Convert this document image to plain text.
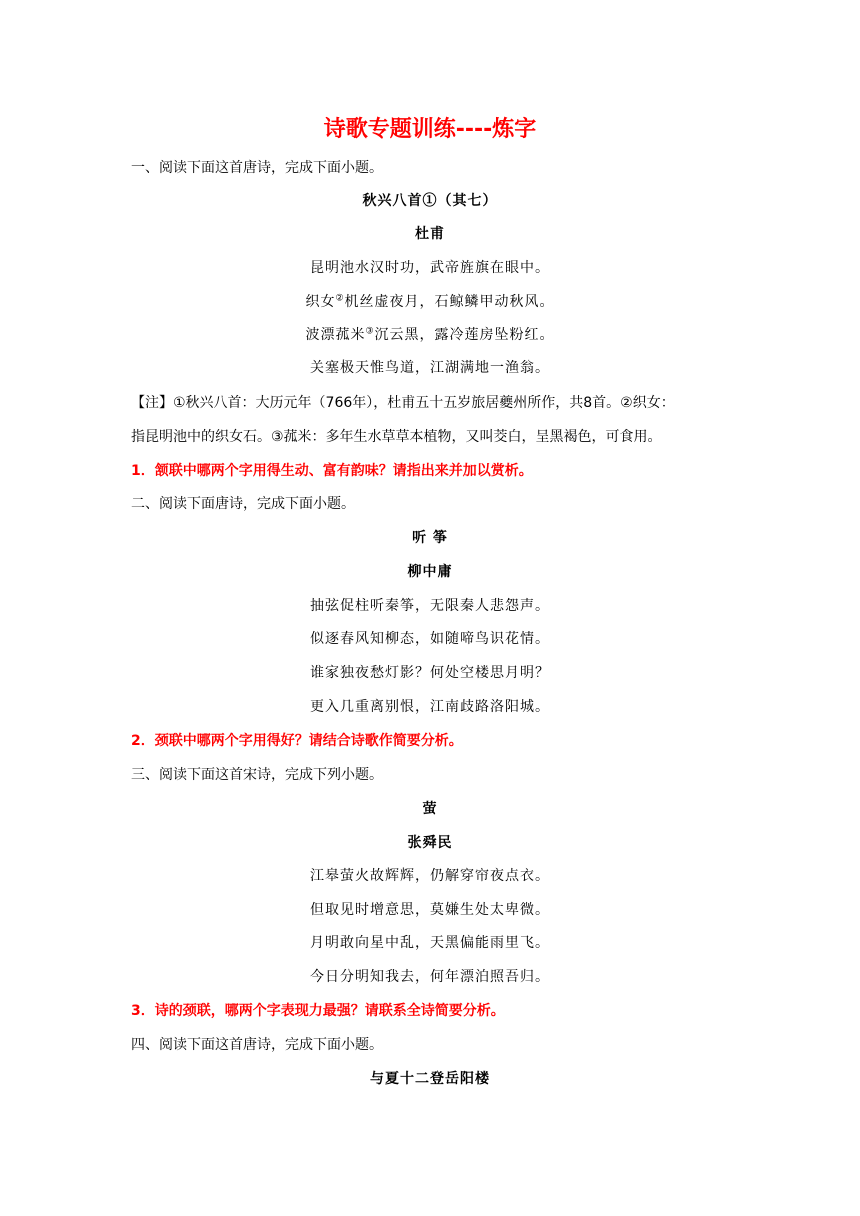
诗歌专题训练----炼字
一、阅读下面这首唐诗，完成下面小题。
秋兴八首①（其七）
杜甫
昆明池水汉时功，武帝旌旗在眼中。
织女②机丝虚夜月，石鲸鳞甲动秋风。
波漂菰米③沉云黑，露冷莲房坠粉红。
关塞极天惟鸟道，江湖满地一渔翁。
【注】①秋兴八首：大历元年（766年），杜甫五十五岁旅居夔州所作，共8首。②织女：
指昆明池中的织女石。③菰米：多年生水草草本植物，又叫茭白，呈黑褐色，可食用。
1．颔联中哪两个字用得生动、富有韵味？请指出来并加以赏析。
二、阅读下面唐诗，完成下面小题。
听 筝
柳中庸
抽弦促柱听秦筝，无限秦人悲怨声。
似逐春风知柳态，如随啼鸟识花情。
谁家独夜愁灯影？何处空楼思月明？
更入几重离别恨，江南歧路洛阳城。
2．颈联中哪两个字用得好？请结合诗歌作简要分析。
三、阅读下面这首宋诗，完成下列小题。
萤
张舜民
江皋萤火故辉辉，仍解穿帘夜点衣。
但取见时增意思，莫嫌生处太卑微。
月明敢向星中乱，天黑偏能雨里飞。
今日分明知我去，何年漂泊照吾归。
3．诗的颈联，哪两个字表现力最强？请联系全诗简要分析。
四、阅读下面这首唐诗，完成下面小题。
与夏十二登岳阳楼
